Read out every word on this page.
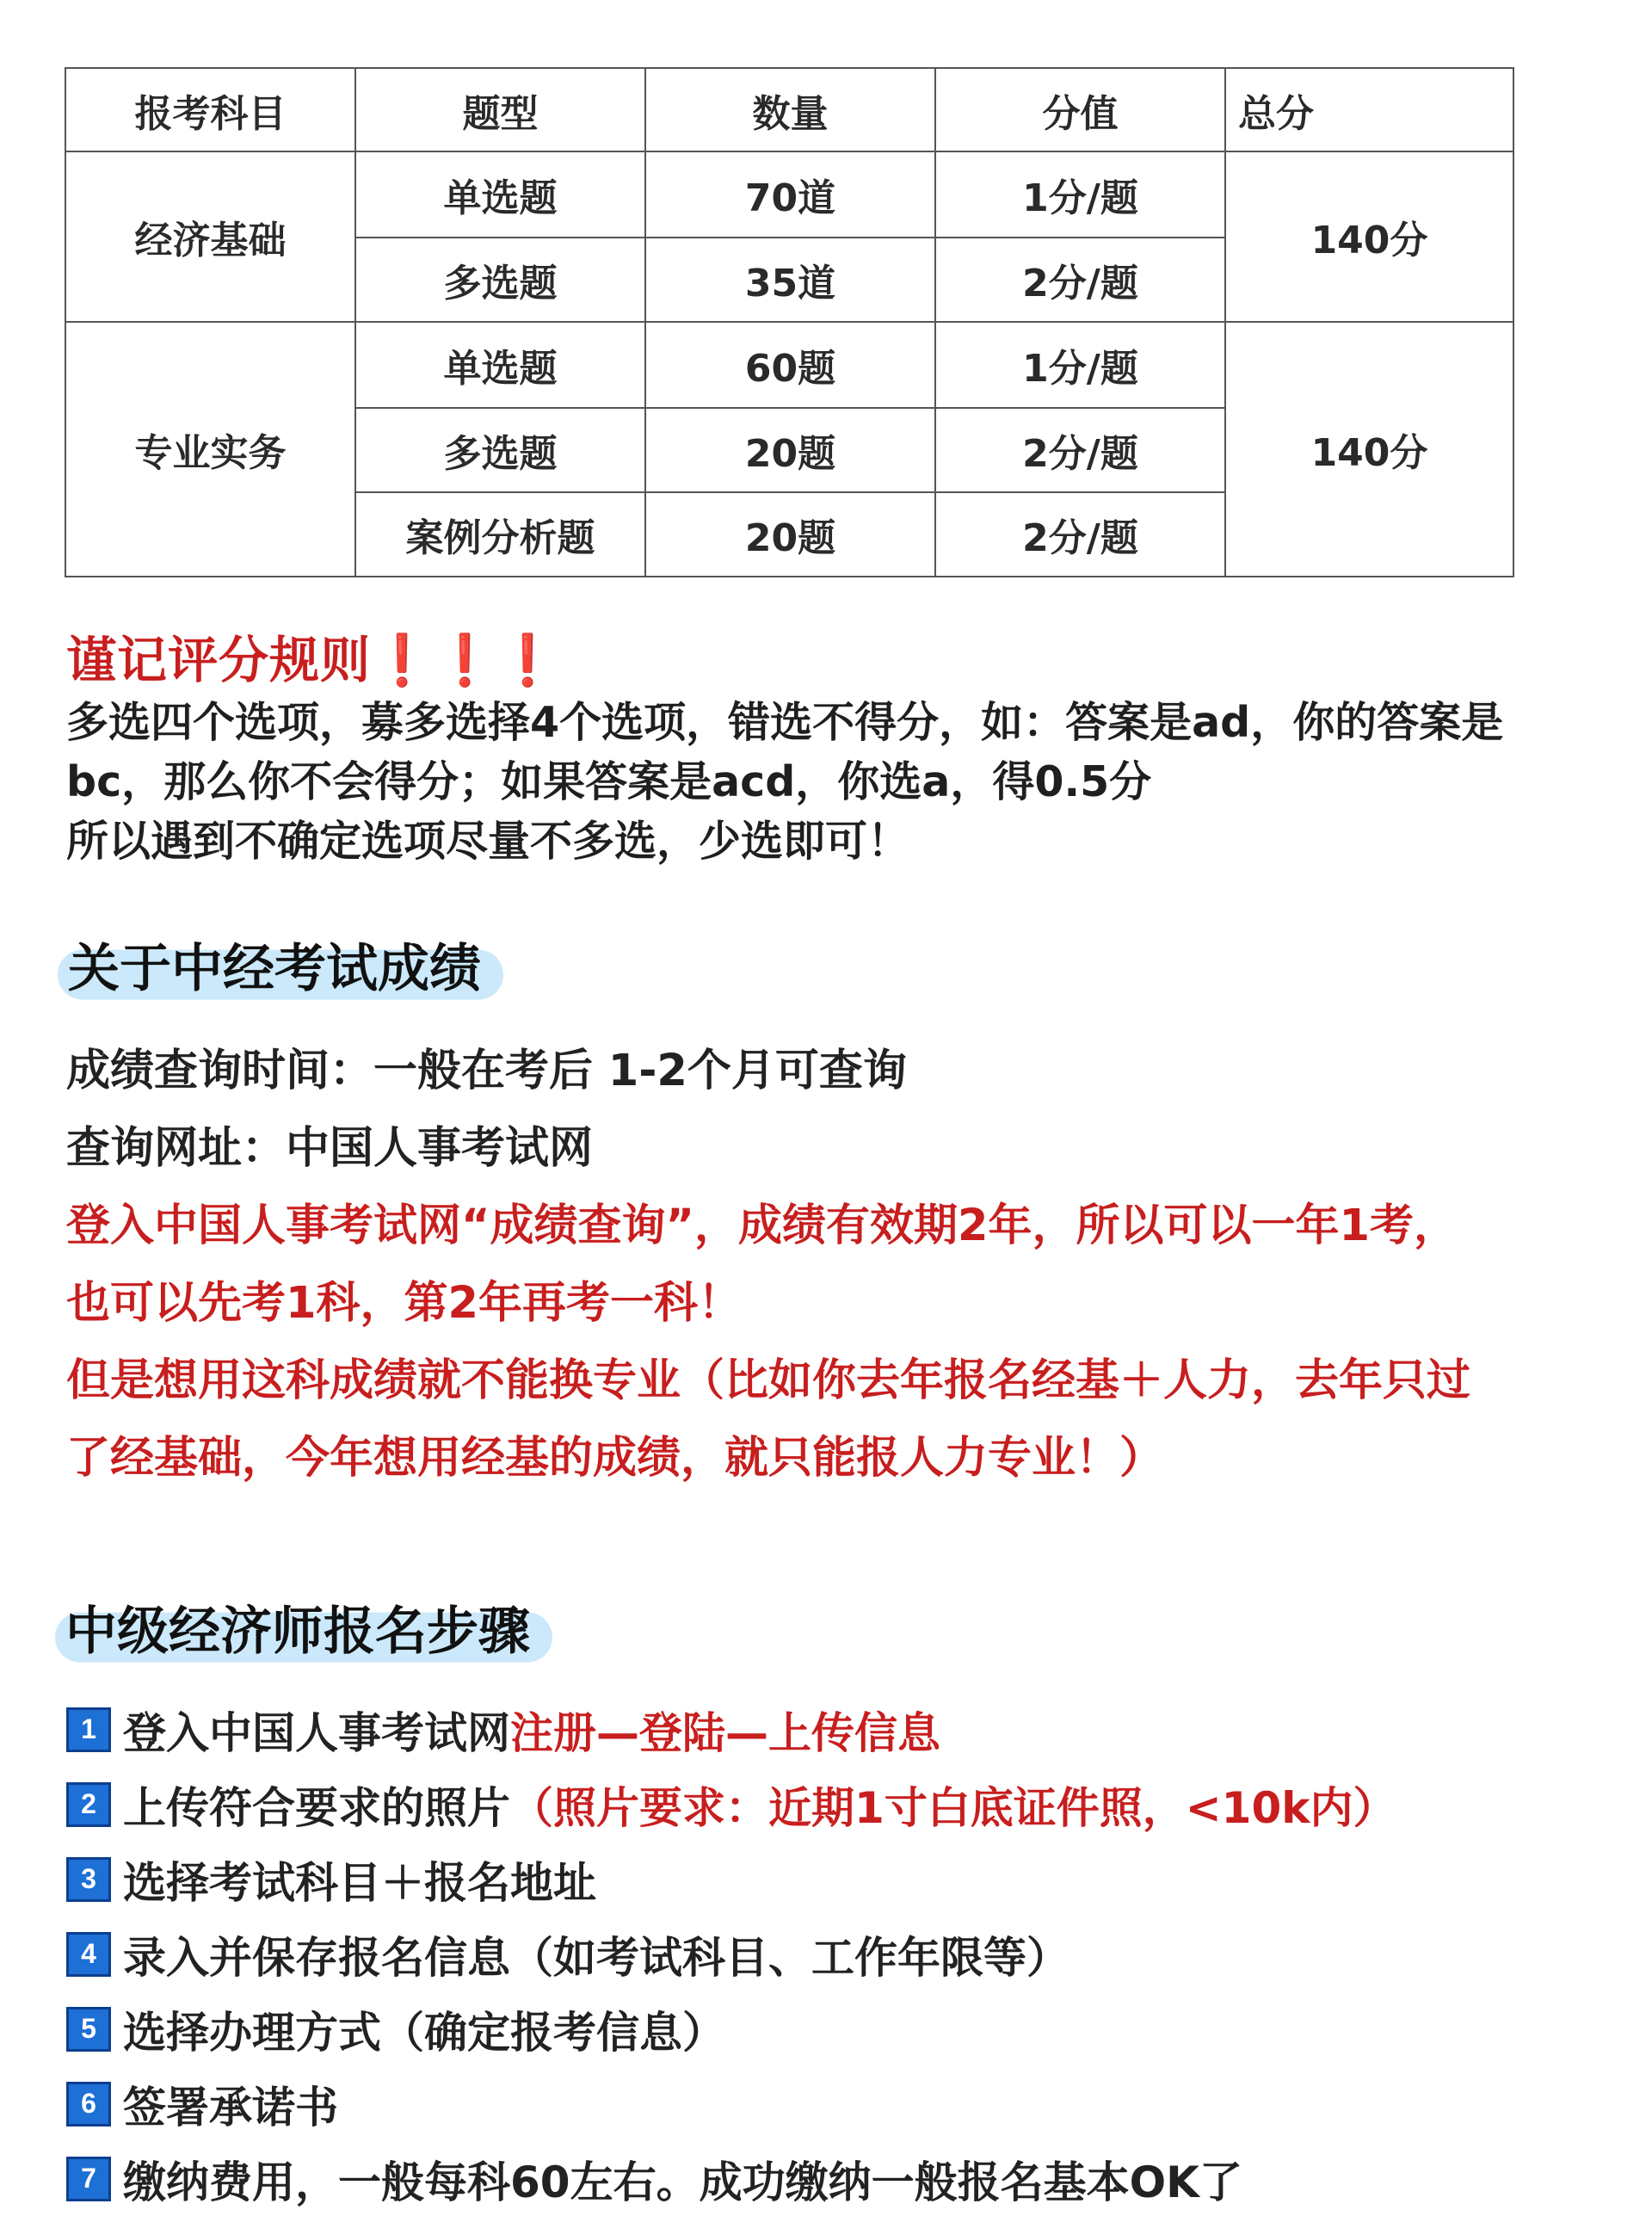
报考科目	题型	数量	分值	总分
经济基础	单选题	70道	1分/题	140分
	多选题	35道	2分/题	
专业实务	单选题	60题	1分/题	140分
	多选题	20题	2分/题	
	案例分析题	20题	2分/题	
谨记评分规则❗️❗️❗️
多选四个选项，募多选择4个选项，错选不得分，如：答案是ad，你的答案是
bc，那么你不会得分；如果答案是acd，你选a，得0.5分
所以遇到不确定选项尽量不多选，少选即可！
关于中经考试成绩
成绩查询时间：一般在考后 1-2个月可查询
查询网址：中国人事考试网
登入中国人事考试网“成绩查询”，成绩有效期2年，所以可以一年1考，
也可以先考1科，第2年再考一科！
但是想用这科成绩就不能换专业（比如你去年报名经基＋人力，去年只过
了经基础，今年想用经基的成绩，就只能报人力专业！）
中级经济师报名步骤
1 登入中国人事考试网 注册—登陆—上传信息
2 上传符合要求的照片 （照片要求：近期1寸白底证件照，<10k内）
3 选择考试科目＋报名地址
4 录入并保存报名信息（如考试科目、工作年限等）
5 选择办理方式（确定报考信息）
6 签署承诺书
7 缴纳费用，一般每科60左右。成功缴纳一般报名基本OK了
